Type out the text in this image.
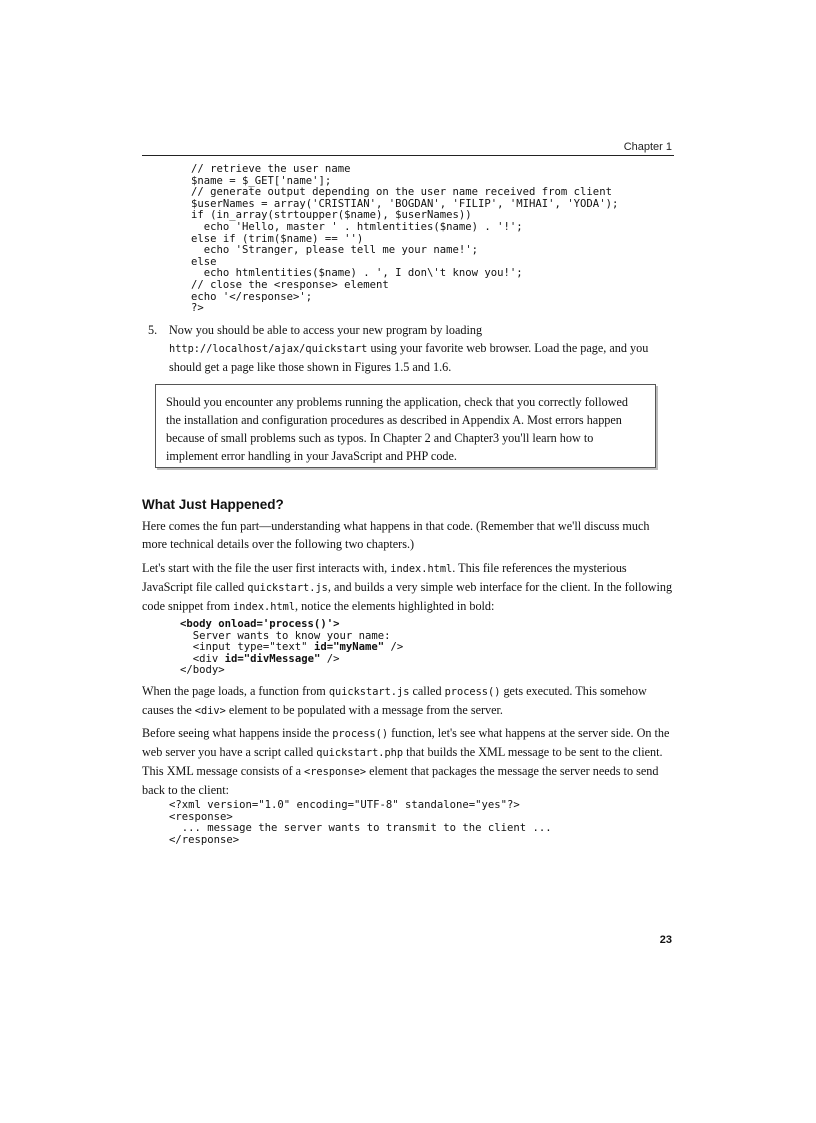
Chapter 1
// retrieve the user name
$name = $_GET['name'];
// generate output depending on the user name received from client
$userNames = array('CRISTIAN', 'BOGDAN', 'FILIP', 'MIHAI', 'YODA');
if (in_array(strtoupper($name), $userNames))
echo 'Hello, master ' . htmlentities($name) . '!';
else if (trim($name) == '')
echo 'Stranger, please tell me your name!';
else
echo htmlentities($name) . ', I don\'t know you!';
// close the <response> element
echo '</response>';
?>

5. Now you should be able to access your new program by loading http://localhost/ajax/quickstart using your favorite web browser. Load the page, and you should get a page like those shown in Figures 1.5 and 1.6.

Should you encounter any problems running the application, check that you correctly followed the installation and configuration procedures as described in Appendix A. Most errors happen because of small problems such as typos. In Chapter 2 and Chapter3 you'll learn how to implement error handling in your JavaScript and PHP code.
What Just Happened?

Here comes the fun part—understanding what happens in that code. (Remember that we'll discuss much more technical details over the following two chapters.)

Let's start with the file the user first interacts with, index.html. This file references the mysterious JavaScript file called quickstart.js, and builds a very simple web interface for the client. In the following code snippet from index.html, notice the elements highlighted in bold:

<body onload='process()'>
Server wants to know your name:
<input type="text" id="myName" />
<div id="divMessage" />
</body>

When the page loads, a function from quickstart.js called process() gets executed. This somehow causes the <div> element to be populated with a message from the server.

Before seeing what happens inside the process() function, let's see what happens at the server side. On the web server you have a script called quickstart.php that builds the XML message to be sent to the client. This XML message consists of a <response> element that packages the message the server needs to send back to the client:

<?xml version="1.0" encoding="UTF-8" standalone="yes"?>
<response>
... message the server wants to transmit to the client ...
</response>
23
